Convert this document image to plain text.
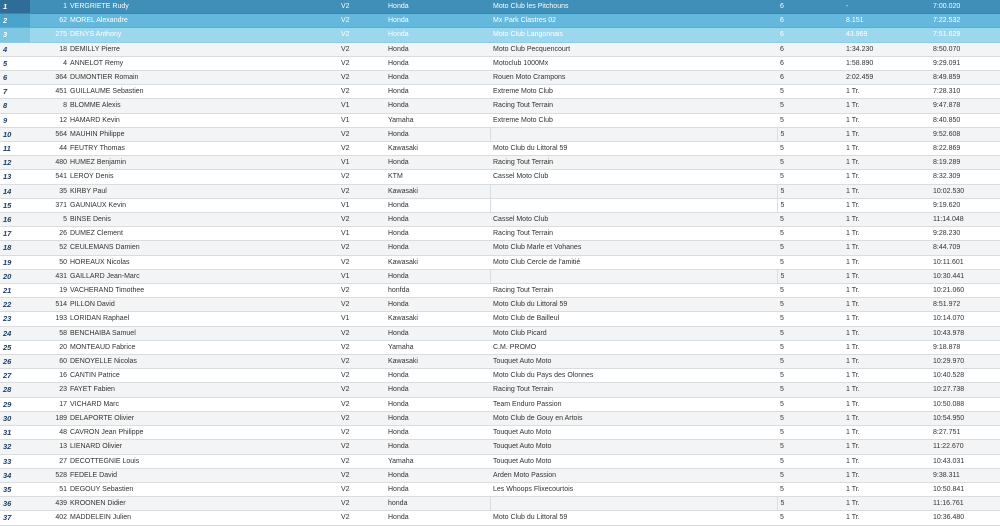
1	1	VERGRIETE Rudy	V2	Honda	Moto Club les Pitchouns	6	-	7:00.020
2	62	MOREL Alexandre	V2	Honda	Mx Park Clastres 02	6	8.151	7:22.532
3	275	DENYS Anthony	V2	Honda	Moto Club Langonnais	6	43.969	7:51.629
4	18	DEMILLY Pierre	V2	Honda	Moto Club Pecquencourt	6	1:34.230	8:50.070
5	4	ANNELOT Remy	V2	Honda	Motoclub 1000Mx	6	1:58.890	9:29.091
6	364	DUMONTIER Romain	V2	Honda	Rouen Moto Crampons	6	2:02.459	8:49.859
7	451	GUILLAUME Sebastien	V2	Honda	Extreme Moto Club	5	1 Tr.	7:28.310
8	8	BLOMME Alexis	V1	Honda	Racing Tout Terrain	5	1 Tr.	9:47.878
9	12	HAMARD Kevin	V1	Yamaha	Extreme Moto Club	5	1 Tr.	8:40.850
10	564	MAUHIN Philippe	V2	Honda		5	1 Tr.	9:52.608
11	44	FEUTRY Thomas	V2	Kawasaki	Moto Club du Littoral 59	5	1 Tr.	8:22.869
12	480	HUMEZ Benjamin	V1	Honda	Racing Tout Terrain	5	1 Tr.	8:19.289
13	541	LEROY Denis	V2	KTM	Cassel Moto Club	5	1 Tr.	8:32.309
14	35	KIRBY Paul	V2	Kawasaki		5	1 Tr.	10:02.530
15	371	GAUNIAUX Kevin	V1	Honda		5	1 Tr.	9:19.620
16	5	BINSE Denis	V2	Honda	Cassel Moto Club	5	1 Tr.	11:14.048
17	26	DUMEZ Clement	V1	Honda	Racing Tout Terrain	5	1 Tr.	9:28.230
18	52	CEULEMANS Damien	V2	Honda	Moto Club Marle et Vohanes	5	1 Tr.	8:44.709
19	50	HOREAUX Nicolas	V2	Kawasaki	Moto Club Cercle de l'amitié	5	1 Tr.	10:11.601
20	431	GAILLARD Jean-Marc	V1	Honda		5	1 Tr.	10:30.441
21	19	VACHERAND Timothee	V2	honfda	Racing Tout Terrain	5	1 Tr.	10:21.060
22	514	PILLON David	V2	Honda	Moto Club du Littoral 59	5	1 Tr.	8:51.972
23	193	LORIDAN Raphael	V1	Kawasaki	Moto Club de Bailleul	5	1 Tr.	10:14.070
24	58	BENCHAIBA Samuel	V2	Honda	Moto Club Picard	5	1 Tr.	10:43.978
25	20	MONTEAUD Fabrice	V2	Yamaha	C.M. PROMO	5	1 Tr.	9:18.878
26	60	DENOYELLE Nicolas	V2	Kawasaki	Touquet Auto Moto	5	1 Tr.	10:29.970
27	16	CANTIN Patrice	V2	Honda	Moto Club du Pays des Olonnes	5	1 Tr.	10:40.528
28	23	FAYET Fabien	V2	Honda	Racing Tout Terrain	5	1 Tr.	10:27.738
29	17	VICHARD Marc	V2	Honda	Team Enduro Passion	5	1 Tr.	10:50.088
30	189	DELAPORTE Olivier	V2	Honda	Moto Club de Gouy en Artois	5	1 Tr.	10:54.950
31	48	CAVRON Jean Philippe	V2	Honda	Touquet Auto Moto	5	1 Tr.	8:27.751
32	13	LIENARD Olivier	V2	Honda	Touquet Auto Moto	5	1 Tr.	11:22.670
33	27	DECOTTEGNIE Louis	V2	Yamaha	Touquet Auto Moto	5	1 Tr.	10:43.031
34	528	FEDELE David	V2	Honda	Arden Moto Passion	5	1 Tr.	9:38.311
35	51	DEGOUY Sebastien	V2	Honda	Les Whoops Flixecourtois	5	1 Tr.	10:50.841
36	439	KROONEN Didier	V2	honda		5	1 Tr.	11:16.761
37	402	MADDELEIN Julien	V2	Honda	Moto Club du Littoral 59	5	1 Tr.	10:36.480
